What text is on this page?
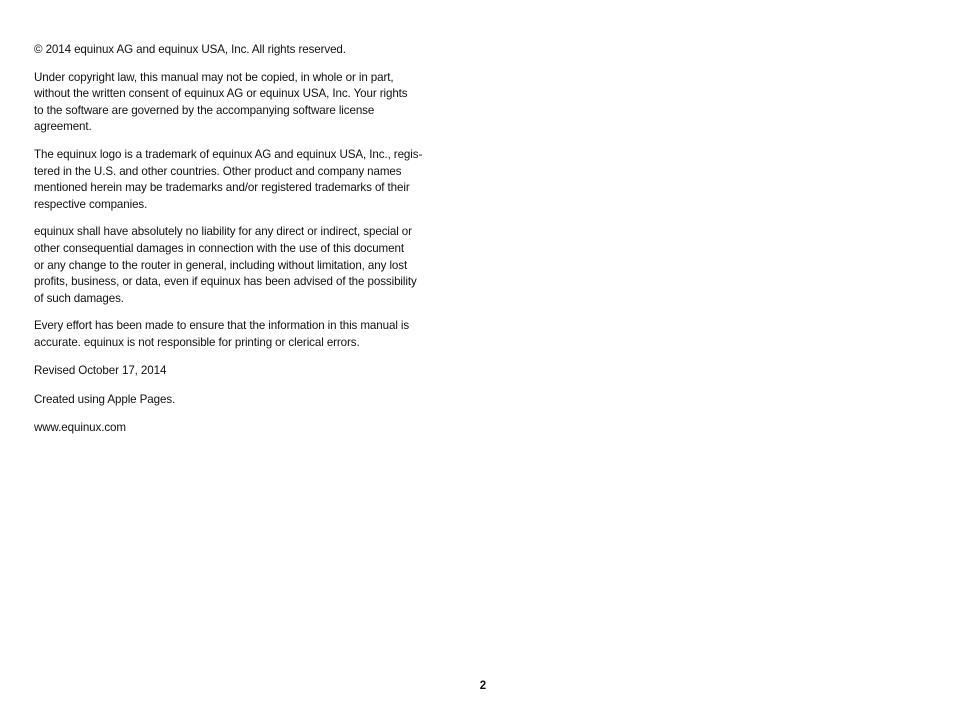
© 2014 equinux AG and equinux USA, Inc. All rights reserved.

Under copyright law, this manual may not be copied, in whole or in part,
without the written consent of equinux AG or equinux USA, Inc. Your rights
to the software are governed by the accompanying software license
agreement.

The equinux logo is a trademark of equinux AG and equinux USA, Inc., regis-
tered in the U.S. and other countries. Other product and company names
mentioned herein may be trademarks and/or registered trademarks of their
respective companies.

equinux shall have absolutely no liability for any direct or indirect, special or
other consequential damages in connection with the use of this document
or any change to the router in general, including without limitation, any lost
profits, business, or data, even if equinux has been advised of the possibility
of such damages.

Every effort has been made to ensure that the information in this manual is
accurate. equinux is not responsible for printing or clerical errors.

Revised October 17, 2014

Created using Apple Pages.

www.equinux.com

2
